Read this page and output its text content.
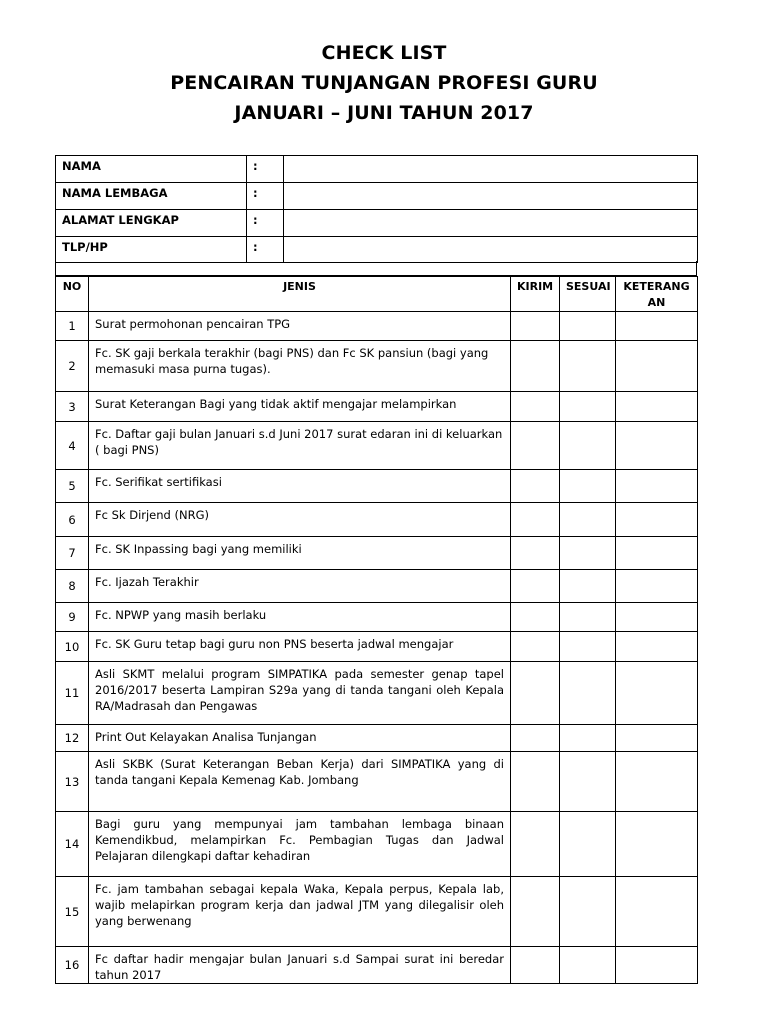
CHECK LIST
PENCAIRAN TUNJANGAN PROFESI GURU
JANUARI – JUNI TAHUN 2017
NAMA	:	
NAMA LEMBAGA	:	
ALAMAT LENGKAP	:	
TLP/HP	:	
NO	JENIS	KIRIM	SESUAI	KETERANG AN
1	Surat permohonan pencairan TPG			
2	Fc. SK gaji berkala terakhir (bagi PNS) dan Fc SK pansiun (bagi yang memasuki masa purna tugas).			
3	Surat Keterangan Bagi yang tidak aktif mengajar melampirkan			
4	Fc. Daftar gaji bulan Januari s.d Juni 2017 surat edaran ini di keluarkan ( bagi PNS)			
5	Fc. Serifikat sertifikasi			
6	Fc Sk Dirjend (NRG)			
7	Fc. SK Inpassing bagi yang memiliki			
8	Fc. Ijazah Terakhir			
9	Fc. NPWP yang masih berlaku			
10	Fc. SK Guru tetap bagi guru non PNS beserta jadwal mengajar			
11	Asli SKMT melalui program SIMPATIKA pada semester genap tapel 2016/2017 beserta Lampiran S29a yang di tanda tangani oleh Kepala RA/Madrasah dan Pengawas			
12	Print Out Kelayakan Analisa Tunjangan			
13	Asli SKBK (Surat Keterangan Beban Kerja) dari SIMPATIKA yang di tanda tangani Kepala Kemenag Kab. Jombang			
14	Bagi guru yang mempunyai jam tambahan lembaga binaan Kemendikbud, melampirkan Fc. Pembagian Tugas dan Jadwal Pelajaran dilengkapi daftar kehadiran			
15	Fc. jam tambahan sebagai kepala Waka, Kepala perpus, Kepala lab, wajib melapirkan program kerja dan jadwal JTM yang dilegalisir oleh yang berwenang			
16	Fc daftar hadir mengajar bulan Januari s.d Sampai surat ini beredar tahun 2017			
